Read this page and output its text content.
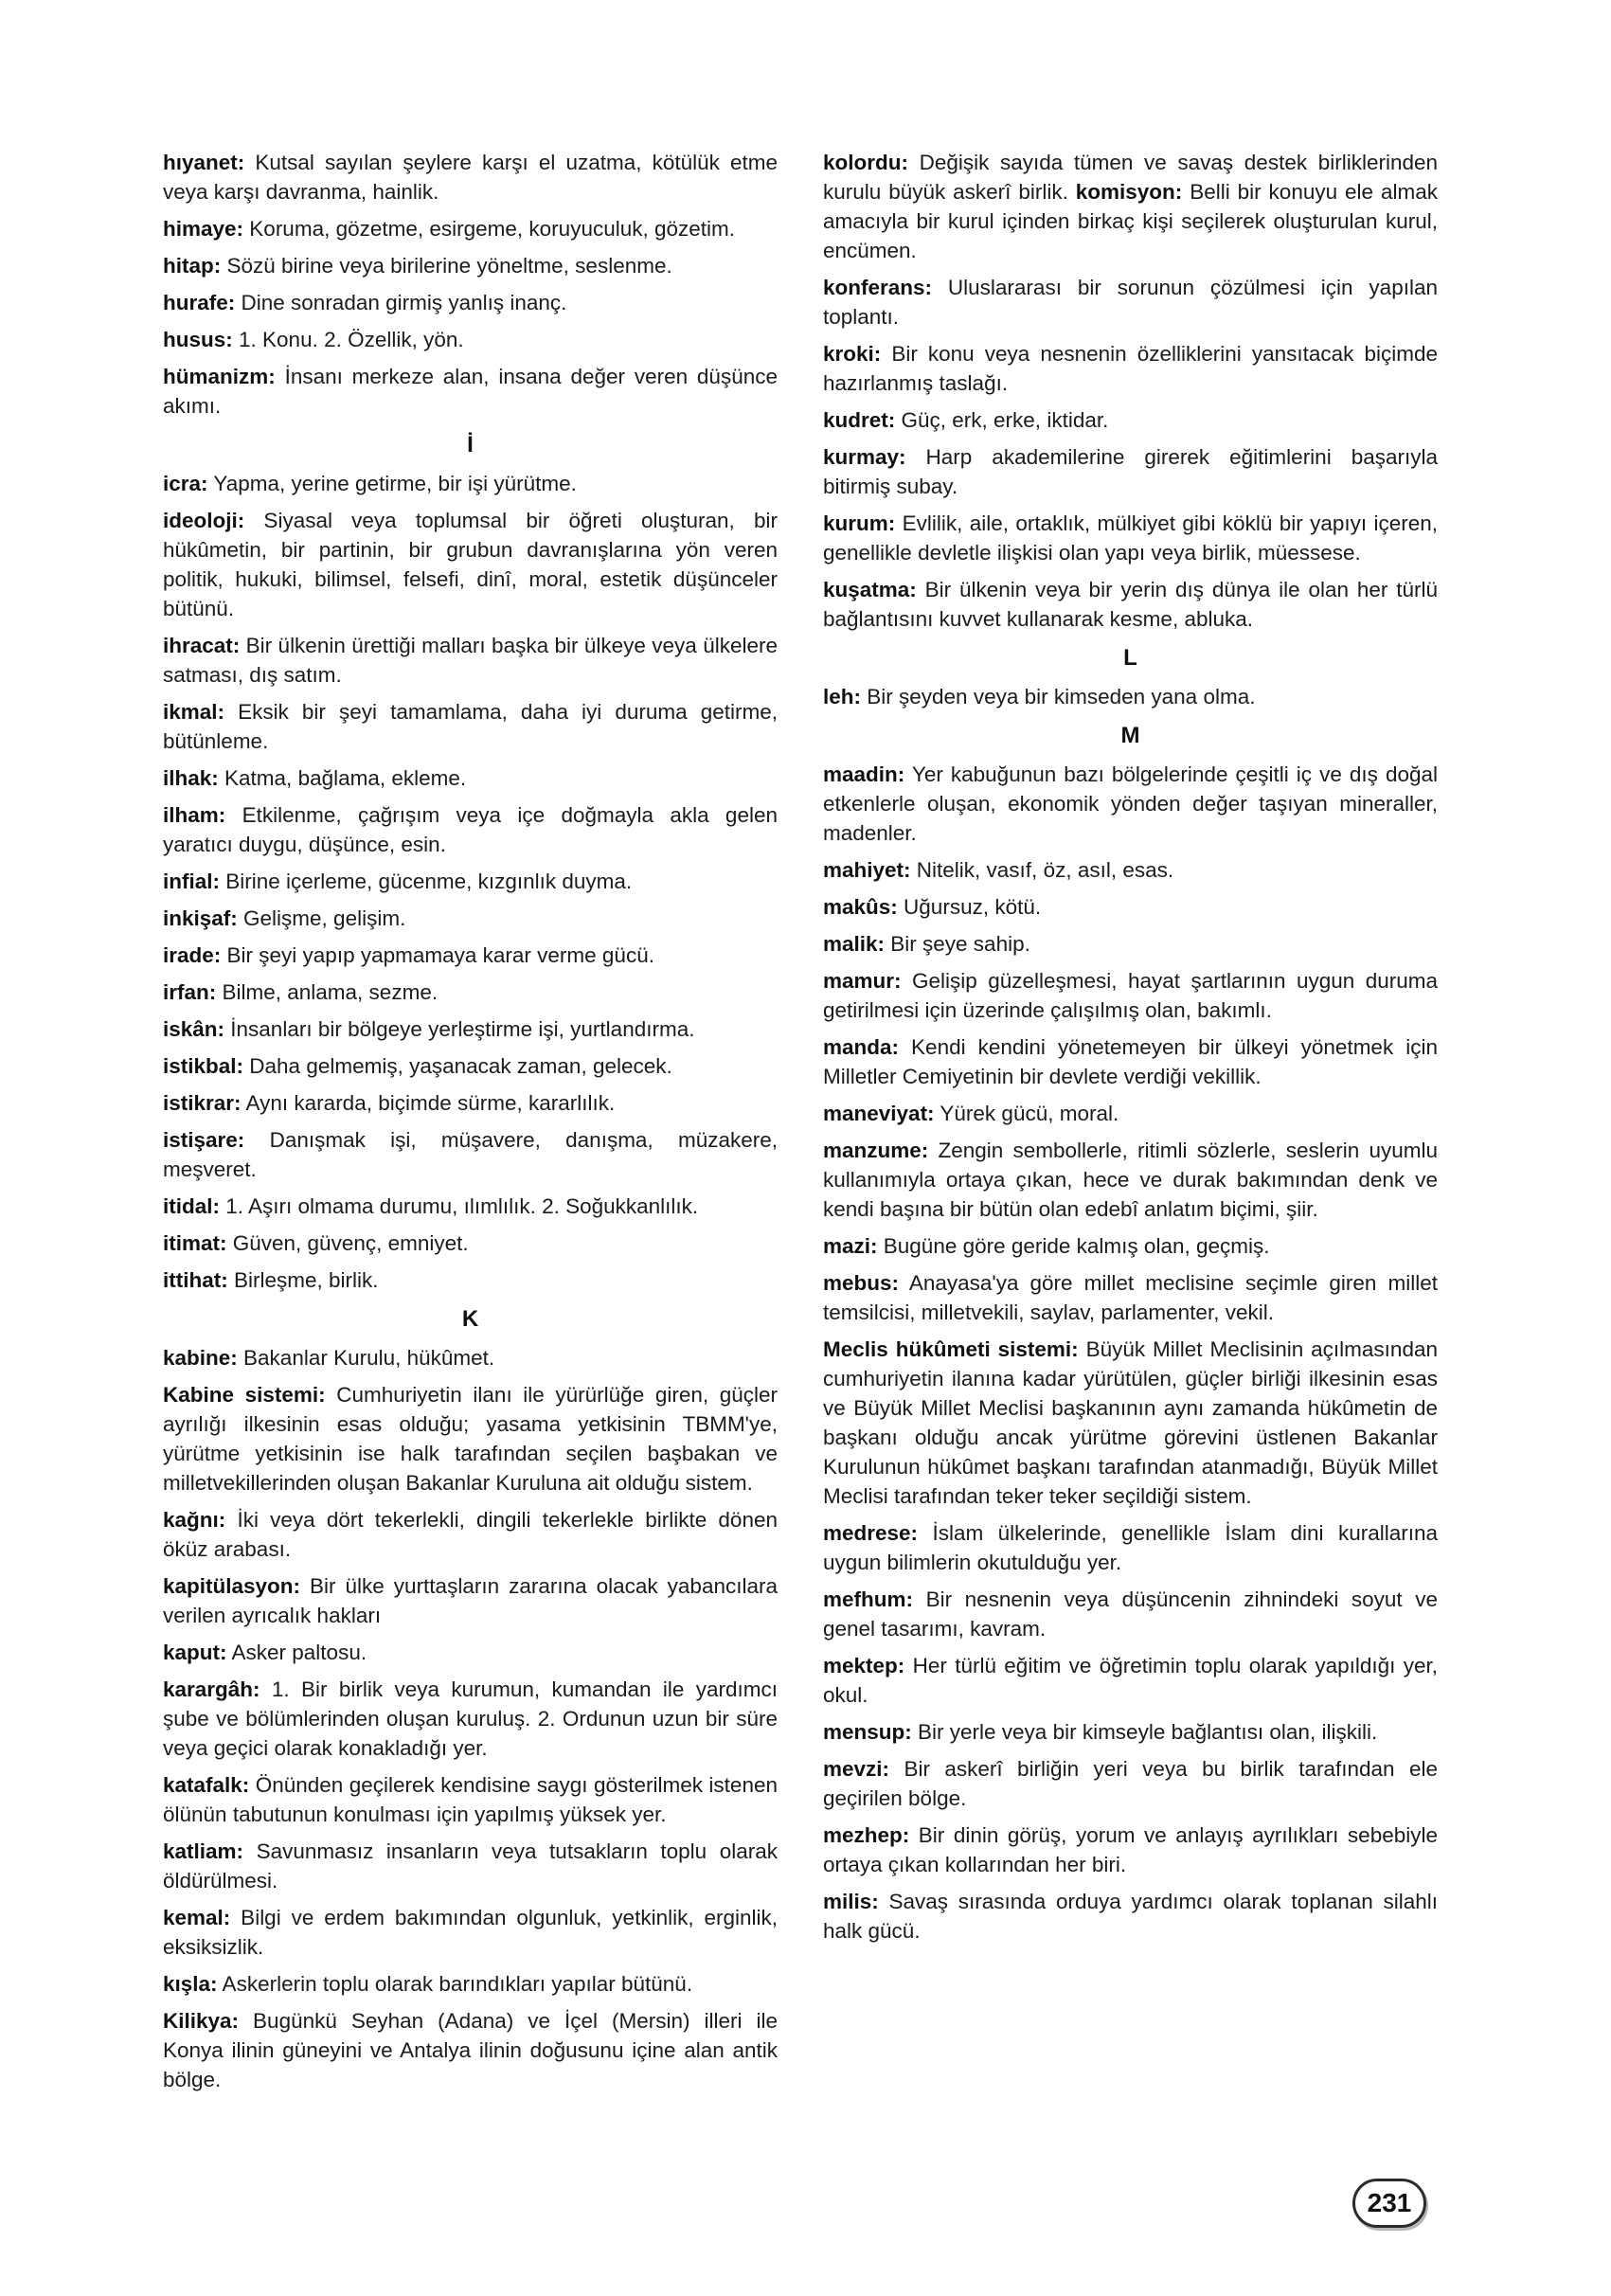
hıyanet: Kutsal sayılan şeylere karşı el uzatma, kötülük etme veya karşı davranma, hainlik.

himaye: Koruma, gözetme, esirgeme, koruyuculuk, gözetim.

hitap: Sözü birine veya birilerine yöneltme, seslenme.

hurafe: Dine sonradan girmiş yanlış inanç.

husus: 1. Konu. 2. Özellik, yön.

hümanizm: İnsanı merkeze alan, insana değer veren düşünce akımı.

İ

icra: Yapma, yerine getirme, bir işi yürütme.

ideoloji: Siyasal veya toplumsal bir öğreti oluşturan, bir hükûmetin, bir partinin, bir grubun davranışlarına yön veren politik, hukuki, bilimsel, felsefi, dinî, moral, estetik düşünceler bütünü.

ihracat: Bir ülkenin ürettiği malları başka bir ülkeye veya ülkelere satması, dış satım.

ikmal: Eksik bir şeyi tamamlama, daha iyi duruma getirme, bütünleme.

ilhak: Katma, bağlama, ekleme.

ilham: Etkilenme, çağrışım veya içe doğmayla akla gelen yaratıcı duygu, düşünce, esin.

infial: Birine içerleme, gücenme, kızgınlık duyma.

inkişaf: Gelişme, gelişim.

irade: Bir şeyi yapıp yapmamaya karar verme gücü.

irfan: Bilme, anlama, sezme.

iskân: İnsanları bir bölgeye yerleştirme işi, yurtlandırma.

istikbal: Daha gelmemiş, yaşanacak zaman, gelecek.

istikrar: Aynı kararda, biçimde sürme, kararlılık.

istişare: Danışmak işi, müşavere, danışma, müzakere, meşveret.

itidal: 1. Aşırı olmama durumu, ılımlılık. 2. Soğukkanlılık.

itimat: Güven, güvenç, emniyet.

ittihat: Birleşme, birlik.

K

kabine: Bakanlar Kurulu, hükûmet.

Kabine sistemi: Cumhuriyetin ilanı ile yürürlüğe giren, güçler ayrılığı ilkesinin esas olduğu; yasama yetkisinin TBMM'ye, yürütme yetkisinin ise halk tarafından seçilen başbakan ve milletvekillerinden oluşan Bakanlar Kuruluna ait olduğu sistem.

kağnı: İki veya dört tekerlekli, dingili tekerlekle birlikte dönen öküz arabası.

kapitülasyon: Bir ülke yurttaşların zararına olacak yabancılara verilen ayrıcalık hakları

kaput: Asker paltosu.

karargâh: 1. Bir birlik veya kurumun, kumandan ile yardımcı şube ve bölümlerinden oluşan kuruluş. 2. Ordunun uzun bir süre veya geçici olarak konakladığı yer.

katafalk: Önünden geçilerek kendisine saygı gösterilmek istenen ölünün tabutunun konulması için yapılmış yüksek yer.

katliam: Savunmasız insanların veya tutsakların toplu olarak öldürülmesi.

kemal: Bilgi ve erdem bakımından olgunluk, yetkinlik, erginlik, eksiksizlik.

kışla: Askerlerin toplu olarak barındıkları yapılar bütünü.

Kilikya: Bugünkü Seyhan (Adana) ve İçel (Mersin) illeri ile Konya ilinin güneyini ve Antalya ilinin doğusunu içine alan antik bölge.

kolordu: Değişik sayıda tümen ve savaş destek birliklerinden kurulu büyük askerî birlik. komisyon: Belli bir konuyu ele almak amacıyla bir kurul içinden birkaç kişi seçilerek oluşturulan kurul, encümen.

konferans: Uluslararası bir sorunun çözülmesi için yapılan toplantı.

kroki: Bir konu veya nesnenin özelliklerini yansıtacak biçimde hazırlanmış taslağı.

kudret: Güç, erk, erke, iktidar.

kurmay: Harp akademilerine girerek eğitimlerini başarıyla bitirmiş subay.

kurum: Evlilik, aile, ortaklık, mülkiyet gibi köklü bir yapıyı içeren, genellikle devletle ilişkisi olan yapı veya birlik, müessese.

kuşatma: Bir ülkenin veya bir yerin dış dünya ile olan her türlü bağlantısını kuvvet kullanarak kesme, abluka.

L

leh: Bir şeyden veya bir kimseden yana olma.

M

maadin: Yer kabuğunun bazı bölgelerinde çeşitli iç ve dış doğal etkenlerle oluşan, ekonomik yönden değer taşıyan mineraller, madenler.

mahiyet: Nitelik, vasıf, öz, asıl, esas.

makûs: Uğursuz, kötü.

malik: Bir şeye sahip.

mamur: Gelişip güzelleşmesi, hayat şartlarının uygun duruma getirilmesi için üzerinde çalışılmış olan, bakımlı.

manda: Kendi kendini yönetemeyen bir ülkeyi yönetmek için Milletler Cemiyetinin bir devlete verdiği vekillik.

maneviyat: Yürek gücü, moral.

manzume: Zengin sembollerle, ritimli sözlerle, seslerin uyumlu kullanımıyla ortaya çıkan, hece ve durak bakımından denk ve kendi başına bir bütün olan edebî anlatım biçimi, şiir.

mazi: Bugüne göre geride kalmış olan, geçmiş.

mebus: Anayasa'ya göre millet meclisine seçimle giren millet temsilcisi, milletvekili, saylav, parlamenter, vekil.

Meclis hükûmeti sistemi: Büyük Millet Meclisinin açılmasından cumhuriyetin ilanına kadar yürütülen, güçler birliği ilkesinin esas ve Büyük Millet Meclisi başkanının aynı zamanda hükûmetin de başkanı olduğu ancak yürütme görevini üstlenen Bakanlar Kurulunun hükûmet başkanı tarafından atanmadığı, Büyük Millet Meclisi tarafından teker teker seçildiği sistem.

medrese: İslam ülkelerinde, genellikle İslam dini kurallarına uygun bilimlerin okutulduğu yer.

mefhum: Bir nesnenin veya düşüncenin zihnindeki soyut ve genel tasarımı, kavram.

mektep: Her türlü eğitim ve öğretimin toplu olarak yapıldığı yer, okul.

mensup: Bir yerle veya bir kimseyle bağlantısı olan, ilişkili.

mevzi: Bir askerî birliğin yeri veya bu birlik tarafından ele geçirilen bölge.

mezhep: Bir dinin görüş, yorum ve anlayış ayrılıkları sebebiyle ortaya çıkan kollarından her biri.

milis: Savaş sırasında orduya yardımcı olarak toplanan silahlı halk gücü.

231
